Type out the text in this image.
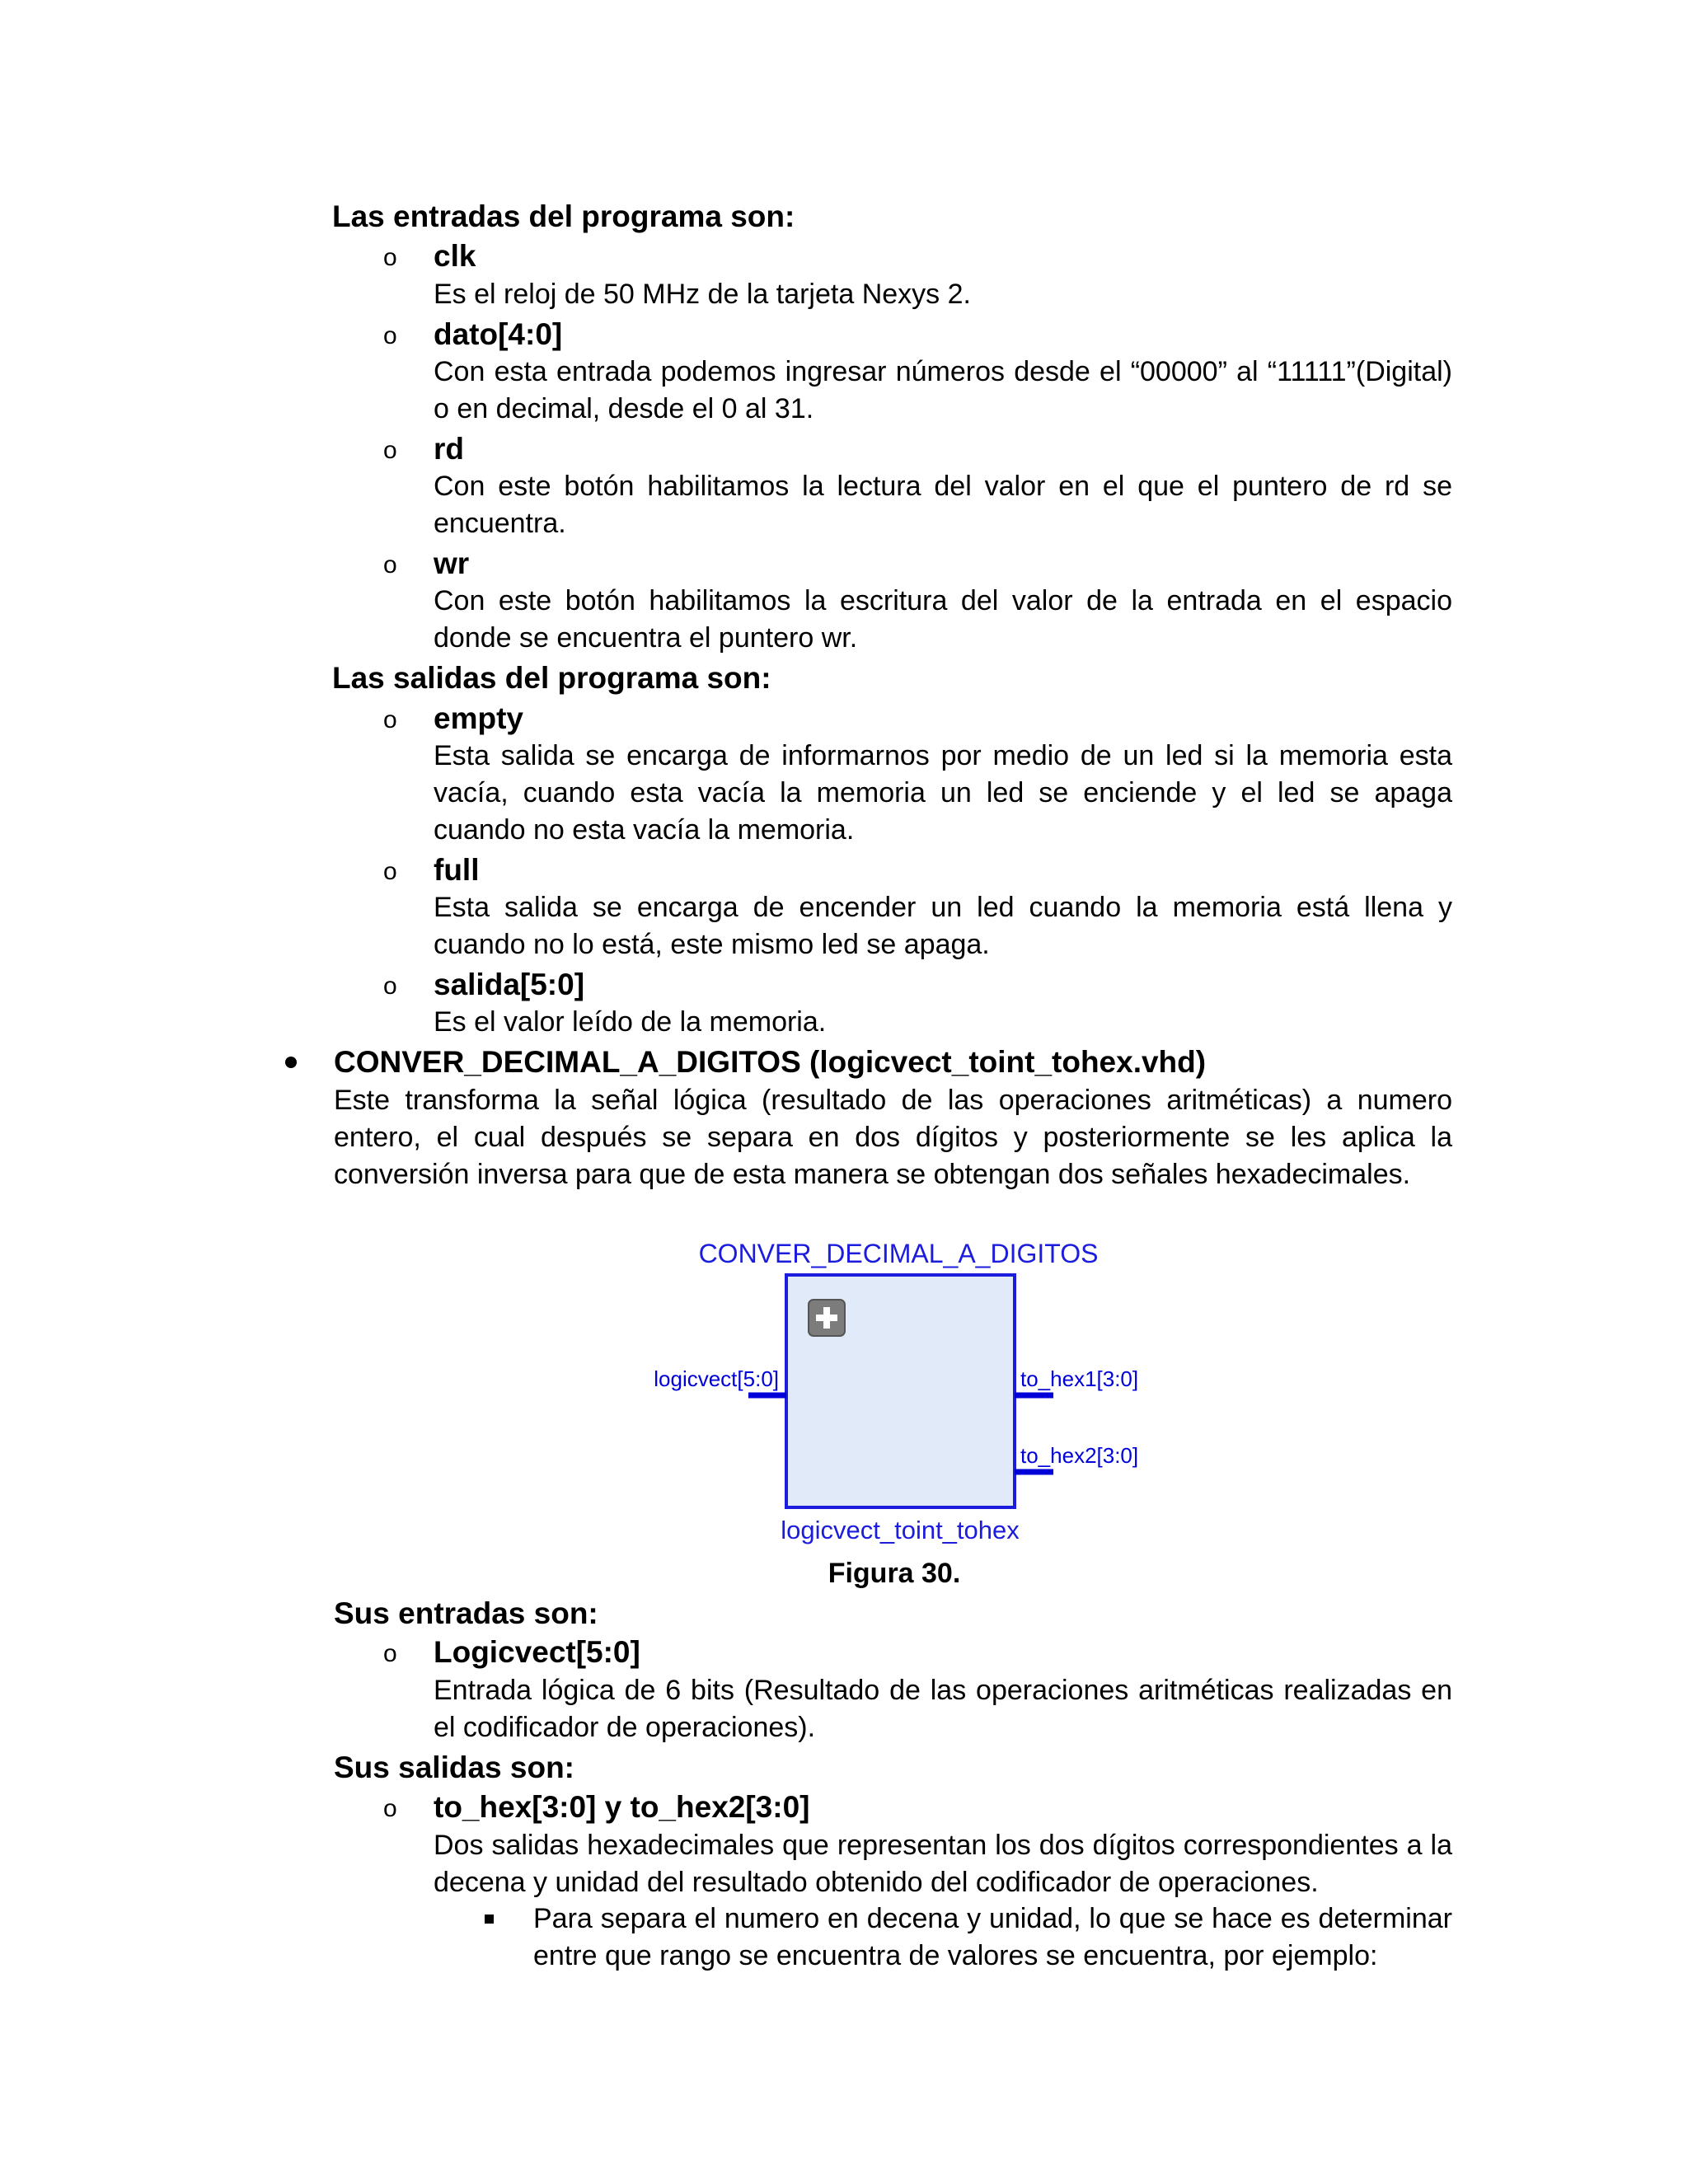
Las entradas del programa son:
o clk
Es el reloj de 50 MHz de la tarjeta Nexys 2.
o dato[4:0]
Con esta entrada podemos ingresar números desde el “00000” al “11111”(Digital) o en decimal, desde el 0 al 31.
o rd
Con este botón habilitamos la lectura del valor en el que el puntero de rd se encuentra.
o wr
Con este botón habilitamos la escritura del valor de la entrada en el espacio donde se encuentra el puntero wr.
Las salidas del programa son:
o empty
Esta salida se encarga de informarnos por medio de un led si la memoria esta vacía, cuando esta vacía la memoria un led se enciende y el led se apaga cuando no esta vacía la memoria.
o full
Esta salida se encarga de encender un led cuando la memoria está llena y cuando no lo está, este mismo led se apaga.
o salida[5:0]
Es el valor leído de la memoria.
CONVER_DECIMAL_A_DIGITOS (logicvect_toint_tohex.vhd)
Este transforma la señal lógica (resultado de las operaciones aritméticas) a numero entero, el cual después se separa en dos dígitos y posteriormente se les aplica la conversión inversa para que de esta manera se obtengan dos señales hexadecimales.
CONVER_DECIMAL_A_DIGITOS
logicvect[5:0]	to_hex1[3:0]
to_hex2[3:0]
logicvect_toint_tohex
Figura 30.
Sus entradas son:
o Logicvect[5:0]
Entrada lógica de 6 bits (Resultado de las operaciones aritméticas realizadas en el codificador de operaciones).
Sus salidas son:
o to_hex[3:0] y to_hex2[3:0]
Dos salidas hexadecimales que representan los dos dígitos correspondientes a la decena y unidad del resultado obtenido del codificador de operaciones.
Para separa el numero en decena y unidad, lo que se hace es determinar entre que rango se encuentra de valores se encuentra, por ejemplo:
